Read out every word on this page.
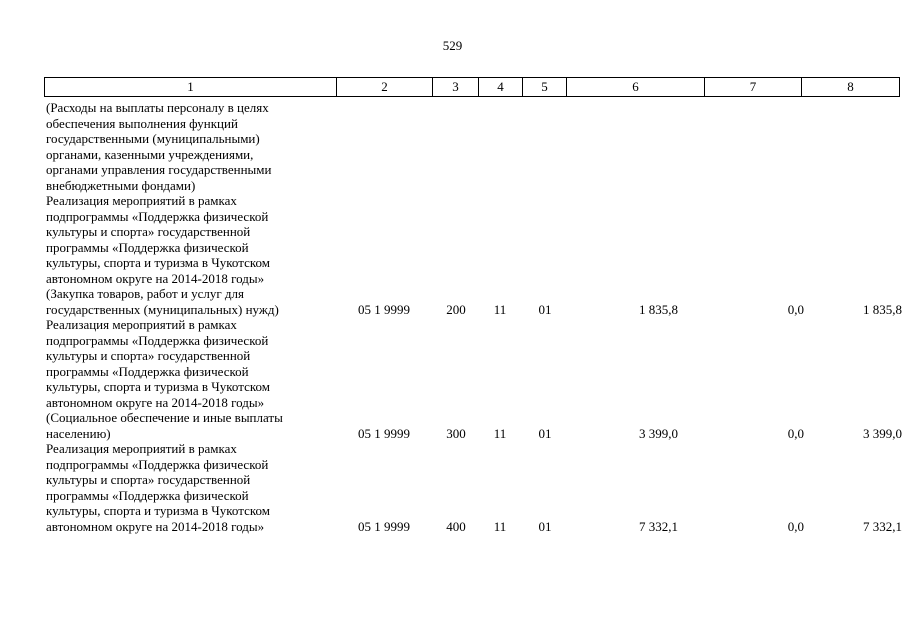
529
1	2	3	4	5	6	7	8
(Расходы на выплаты персоналу в целях
обеспечения выполнения функций
государственными (муниципальными)
органами, казенными учреждениями,
органами управления государственными
внебюджетными фондами)
Реализация мероприятий в рамках
подпрограммы «Поддержка физической
культуры и спорта» государственной
программы «Поддержка физической
культуры, спорта и туризма в Чукотском
автономном округе на 2014-2018 годы»
(Закупка товаров, работ и услуг для
государственных (муниципальных) нужд)	05 1 9999	200	11	01	1 835,8	0,0	1 835,8
Реализация мероприятий в рамках
подпрограммы «Поддержка физической
культуры и спорта» государственной
программы «Поддержка физической
культуры, спорта и туризма в Чукотском
автономном округе на 2014-2018 годы»
(Социальное обеспечение и иные выплаты
населению)	05 1 9999	300	11	01	3 399,0	0,0	3 399,0
Реализация мероприятий в рамках
подпрограммы «Поддержка физической
культуры и спорта» государственной
программы «Поддержка физической
культуры, спорта и туризма в Чукотском
автономном округе на 2014-2018 годы»	05 1 9999	400	11	01	7 332,1	0,0	7 332,1
